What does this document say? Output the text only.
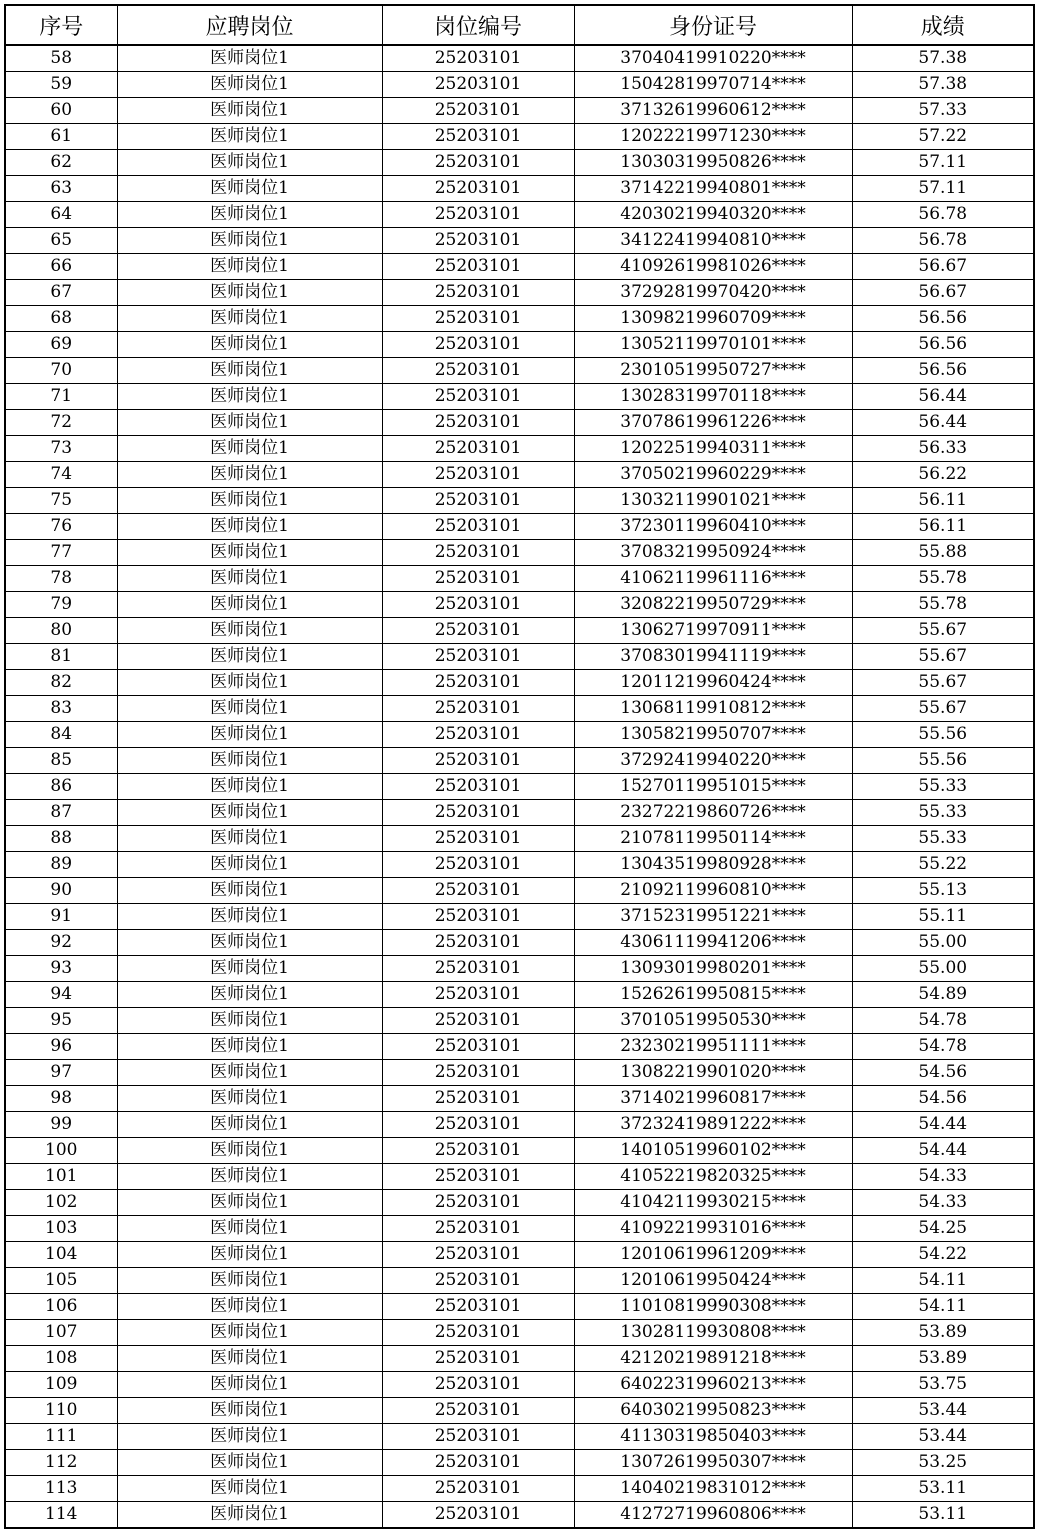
序号	应聘岗位	岗位编号	身份证号	成绩
58	医师岗位1	25203101	37040419910220****	57.38
59	医师岗位1	25203101	15042819970714****	57.38
60	医师岗位1	25203101	37132619960612****	57.33
61	医师岗位1	25203101	12022219971230****	57.22
62	医师岗位1	25203101	13030319950826****	57.11
63	医师岗位1	25203101	37142219940801****	57.11
64	医师岗位1	25203101	42030219940320****	56.78
65	医师岗位1	25203101	34122419940810****	56.78
66	医师岗位1	25203101	41092619981026****	56.67
67	医师岗位1	25203101	37292819970420****	56.67
68	医师岗位1	25203101	13098219960709****	56.56
69	医师岗位1	25203101	13052119970101****	56.56
70	医师岗位1	25203101	23010519950727****	56.56
71	医师岗位1	25203101	13028319970118****	56.44
72	医师岗位1	25203101	37078619961226****	56.44
73	医师岗位1	25203101	12022519940311****	56.33
74	医师岗位1	25203101	37050219960229****	56.22
75	医师岗位1	25203101	13032119901021****	56.11
76	医师岗位1	25203101	37230119960410****	56.11
77	医师岗位1	25203101	37083219950924****	55.88
78	医师岗位1	25203101	41062119961116****	55.78
79	医师岗位1	25203101	32082219950729****	55.78
80	医师岗位1	25203101	13062719970911****	55.67
81	医师岗位1	25203101	37083019941119****	55.67
82	医师岗位1	25203101	12011219960424****	55.67
83	医师岗位1	25203101	13068119910812****	55.67
84	医师岗位1	25203101	13058219950707****	55.56
85	医师岗位1	25203101	37292419940220****	55.56
86	医师岗位1	25203101	15270119951015****	55.33
87	医师岗位1	25203101	23272219860726****	55.33
88	医师岗位1	25203101	21078119950114****	55.33
89	医师岗位1	25203101	13043519980928****	55.22
90	医师岗位1	25203101	21092119960810****	55.13
91	医师岗位1	25203101	37152319951221****	55.11
92	医师岗位1	25203101	43061119941206****	55.00
93	医师岗位1	25203101	13093019980201****	55.00
94	医师岗位1	25203101	15262619950815****	54.89
95	医师岗位1	25203101	37010519950530****	54.78
96	医师岗位1	25203101	23230219951111****	54.78
97	医师岗位1	25203101	13082219901020****	54.56
98	医师岗位1	25203101	37140219960817****	54.56
99	医师岗位1	25203101	37232419891222****	54.44
100	医师岗位1	25203101	14010519960102****	54.44
101	医师岗位1	25203101	41052219820325****	54.33
102	医师岗位1	25203101	41042119930215****	54.33
103	医师岗位1	25203101	41092219931016****	54.25
104	医师岗位1	25203101	12010619961209****	54.22
105	医师岗位1	25203101	12010619950424****	54.11
106	医师岗位1	25203101	11010819990308****	54.11
107	医师岗位1	25203101	13028119930808****	53.89
108	医师岗位1	25203101	42120219891218****	53.89
109	医师岗位1	25203101	64022319960213****	53.75
110	医师岗位1	25203101	64030219950823****	53.44
111	医师岗位1	25203101	41130319850403****	53.44
112	医师岗位1	25203101	13072619950307****	53.25
113	医师岗位1	25203101	14040219831012****	53.11
114	医师岗位1	25203101	41272719960806****	53.11
